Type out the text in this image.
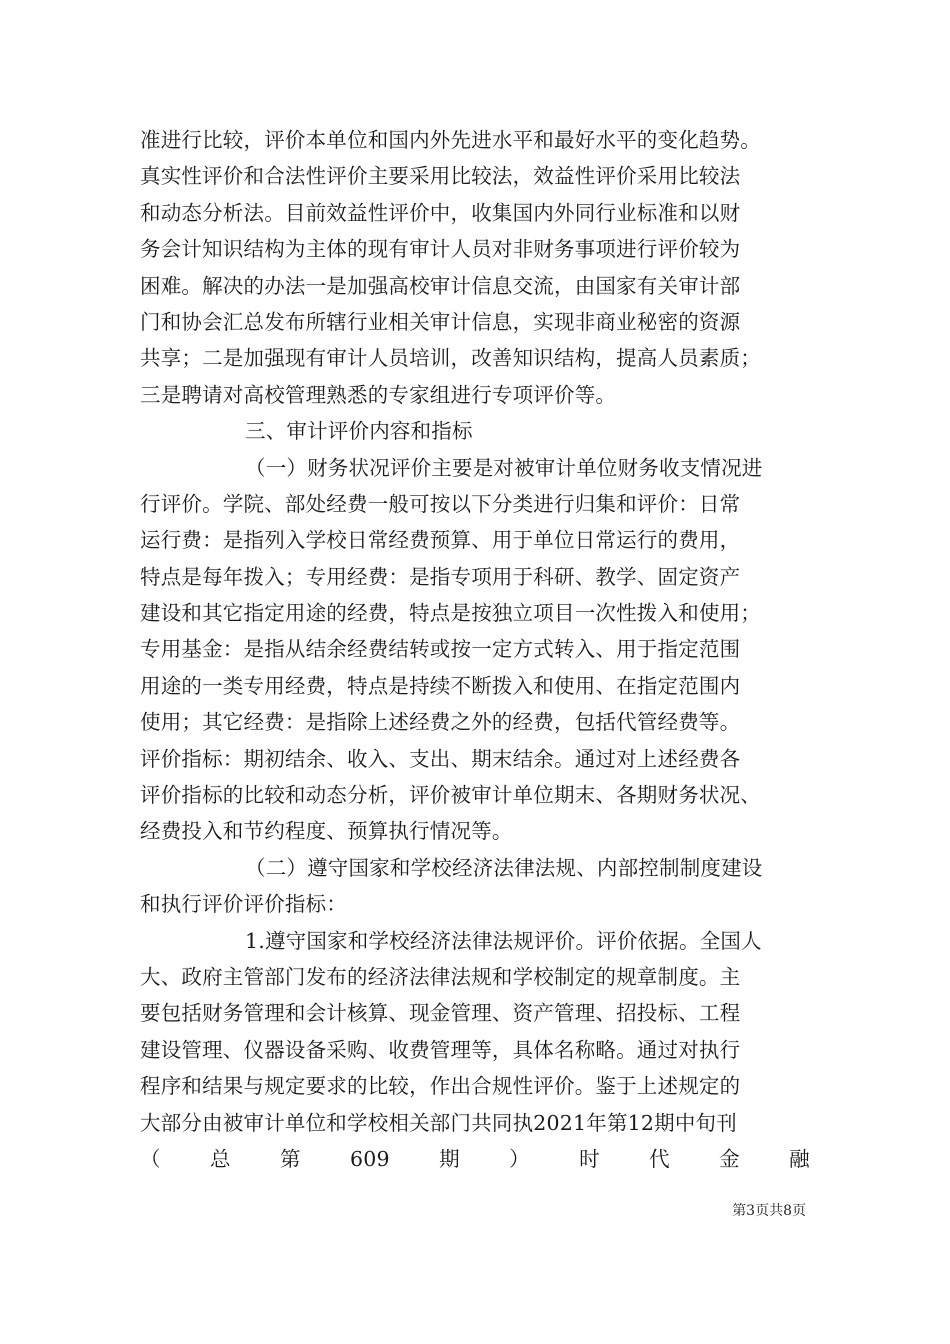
准进行比较，评价本单位和国内外先进水平和最好水平的变化趋势。
真实性评价和合法性评价主要采用比较法，效益性评价采用比较法
和动态分析法。目前效益性评价中，收集国内外同行业标准和以财
务会计知识结构为主体的现有审计人员对非财务事项进行评价较为
困难。解决的办法一是加强高校审计信息交流，由国家有关审计部
门和协会汇总发布所辖行业相关审计信息，实现非商业秘密的资源
共享；二是加强现有审计人员培训，改善知识结构，提高人员素质；
三是聘请对高校管理熟悉的专家组进行专项评价等。
三、审计评价内容和指标
（一）财务状况评价主要是对被审计单位财务收支情况进
行评价。学院、部处经费一般可按以下分类进行归集和评价：日常
运行费：是指列入学校日常经费预算、用于单位日常运行的费用，
特点是每年拨入；专用经费：是指专项用于科研、教学、固定资产
建设和其它指定用途的经费，特点是按独立项目一次性拨入和使用；
专用基金：是指从结余经费结转或按一定方式转入、用于指定范围
用途的一类专用经费，特点是持续不断拨入和使用、在指定范围内
使用；其它经费：是指除上述经费之外的经费，包括代管经费等。
评价指标：期初结余、收入、支出、期末结余。通过对上述经费各
评价指标的比较和动态分析，评价被审计单位期末、各期财务状况、
经费投入和节约程度、预算执行情况等。
（二）遵守国家和学校经济法律法规、内部控制制度建设
和执行评价评价指标：
1.遵守国家和学校经济法律法规评价。评价依据。全国人
大、政府主管部门发布的经济法律法规和学校制定的规章制度。主
要包括财务管理和会计核算、现金管理、资产管理、招投标、工程
建设管理、仪器设备采购、收费管理等，具体名称略。通过对执行
程序和结果与规定要求的比较，作出合规性评价。鉴于上述规定的
大部分由被审计单位和学校相关部门共同执2021年第12期中旬刊
（ 总 第 609 期 ） 时 代 金 融
第3页共8页
